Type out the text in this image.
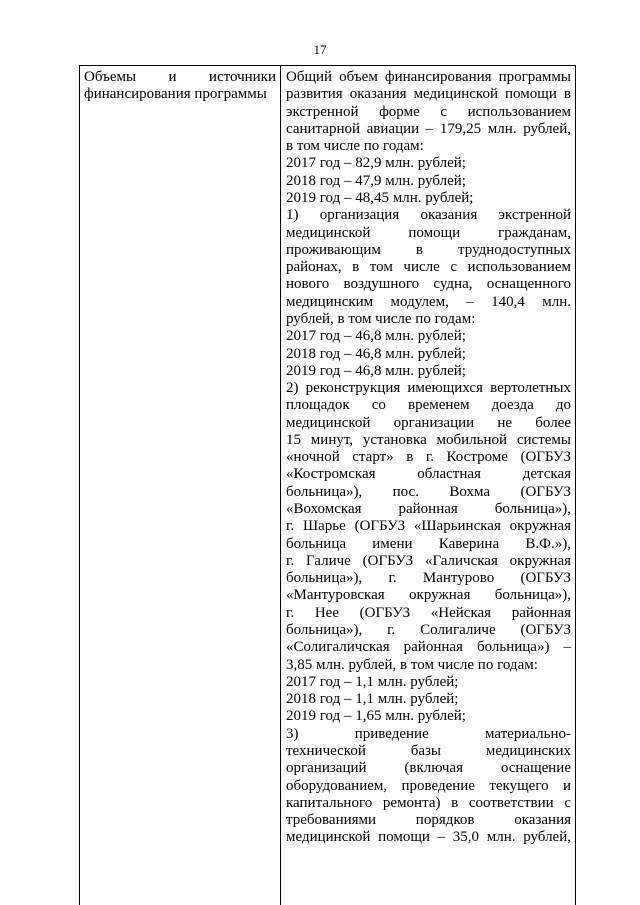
17
Объемы и источники
финансирования программы
Общий объем финансирования программы
развития оказания медицинской помощи в
экстренной форме с использованием
санитарной авиации – 179,25 млн. рублей,
в том числе по годам:
2017 год – 82,9 млн. рублей;
2018 год – 47,9 млн. рублей;
2019 год – 48,45 млн. рублей;
1) организация оказания экстренной
медицинской помощи гражданам,
проживающим в труднодоступных
районах, в том числе с использованием
нового воздушного судна, оснащенного
медицинским модулем, – 140,4 млн.
рублей, в том числе по годам:
2017 год – 46,8 млн. рублей;
2018 год – 46,8 млн. рублей;
2019 год – 46,8 млн. рублей;
2) реконструкция имеющихся вертолетных
площадок со временем доезда до
медицинской организации не более
15 минут, установка мобильной системы
«ночной старт» в г. Костроме (ОГБУЗ
«Костромская областная детская
больница»), пос. Вохма (ОГБУЗ
«Вохомская районная больница»),
г. Шарье (ОГБУЗ «Шарьинская окружная
больница имени Каверина В.Ф.»),
г. Галиче (ОГБУЗ «Галичская окружная
больница»), г. Мантурово (ОГБУЗ
«Мантуровская окружная больница»),
г. Нее (ОГБУЗ «Нейская районная
больница»), г. Солигаличе (ОГБУЗ
«Солигаличская районная больница») –
3,85 млн. рублей, в том числе по годам:
2017 год – 1,1 млн. рублей;
2018 год – 1,1 млн. рублей;
2019 год – 1,65 млн. рублей;
3) приведение материально-
технической базы медицинских
организаций (включая оснащение
оборудованием, проведение текущего и
капитального ремонта) в соответствии с
требованиями порядков оказания
медицинской помощи – 35,0 млн. рублей,
